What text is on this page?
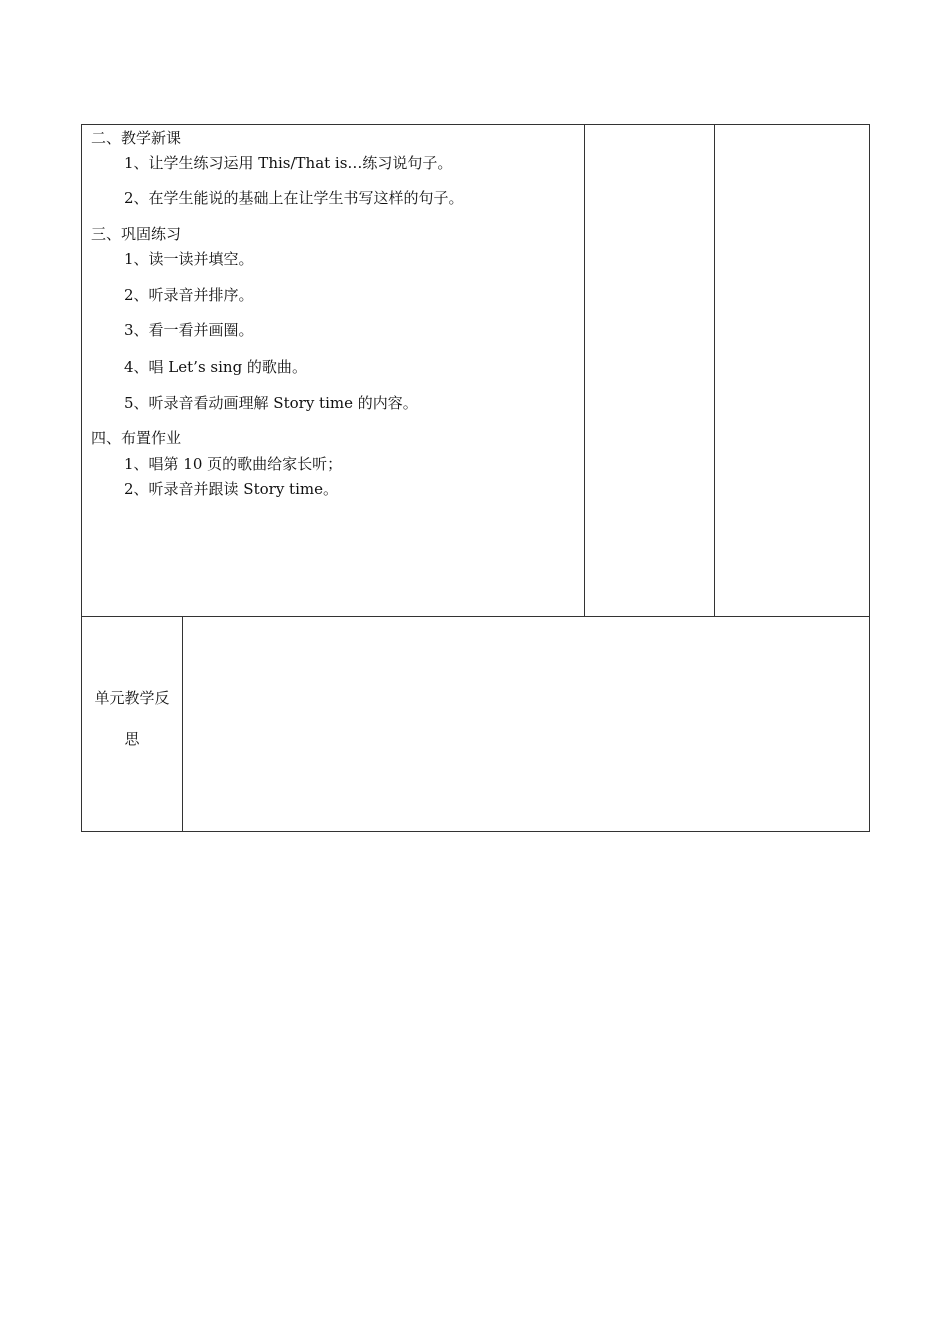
二、教学新课
1、让学生练习运用 This/That is…练习说句子。
2、在学生能说的基础上在让学生书写这样的句子。
三、巩固练习
1、读一读并填空。
2、听录音并排序。
3、看一看并画圈。
4、唱 Let’s sing 的歌曲。
5、听录音看动画理解 Story time 的内容。
四、布置作业
1、唱第 10 页的歌曲给家长听；
2、听录音并跟读 Story time。
单元教学反
思
